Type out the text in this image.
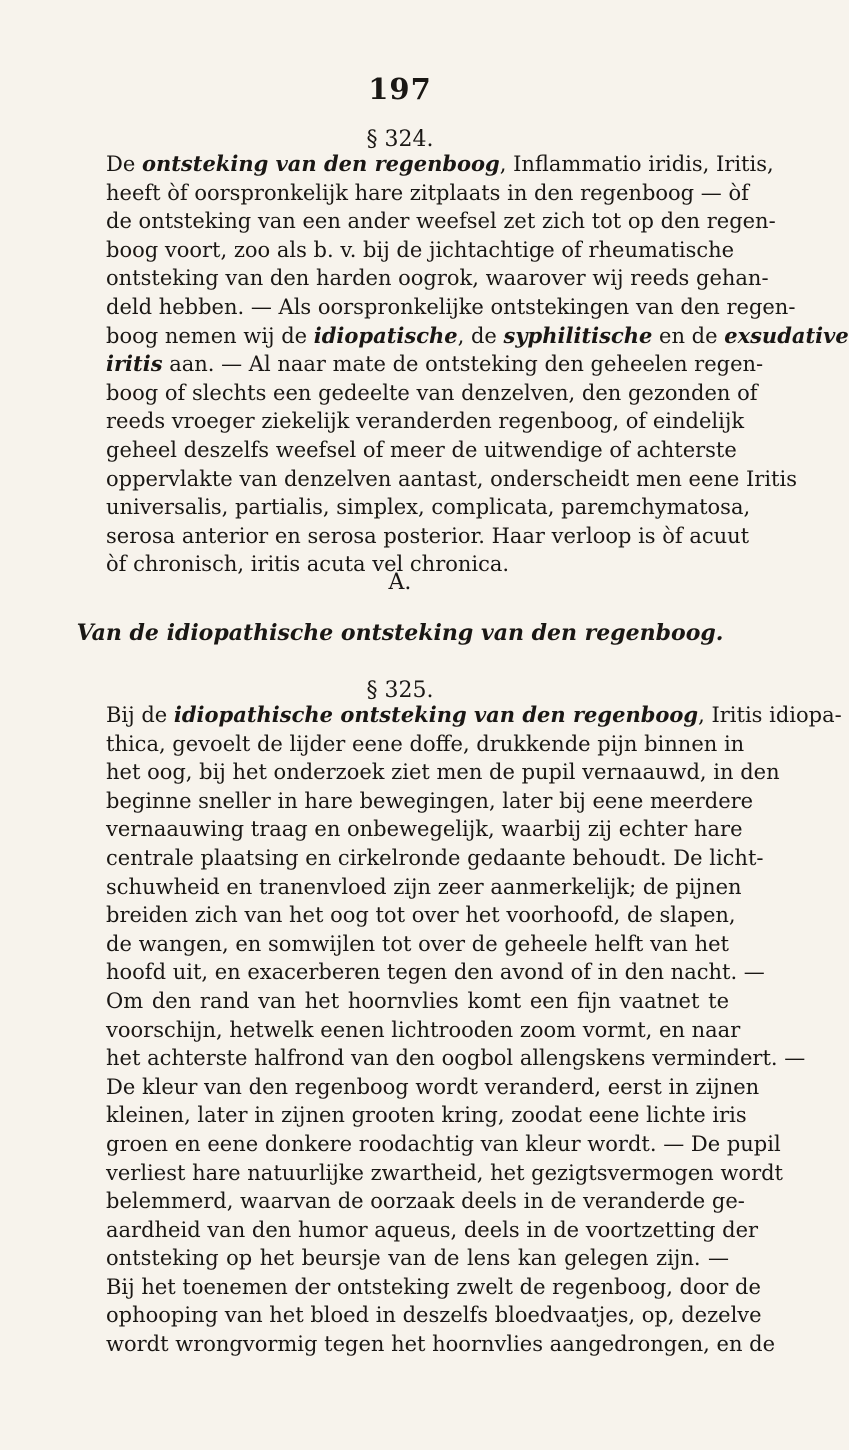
197
§ 324.
De ontsteking van den regenboog, Inflammatio iridis, Iritis,
heeft òf oorspronkelijk hare zitplaats in den regenboog — òf
de ontsteking van een ander weefsel zet zich tot op den regen-
boog voort, zoo als b. v. bij de jichtachtige of rheumatische
ontsteking van den harden oogrok, waarover wij reeds gehan-
deld hebben. — Als oorspronkelijke ontstekingen van den regen-
boog nemen wij de idiopatische, de syphilitische en de exsudative
iritis aan. — Al naar mate de ontsteking den geheelen regen-
boog of slechts een gedeelte van denzelven, den gezonden of
reeds vroeger ziekelijk veranderden regenboog, of eindelijk
geheel deszelfs weefsel of meer de uitwendige of achterste
oppervlakte van denzelven aantast, onderscheidt men eene Iritis
universalis, partialis, simplex, complicata, paremchymatosa,
serosa anterior en serosa posterior. Haar verloop is òf acuut
òf chronisch, iritis acuta vel chronica.
A.
Van de idiopathische ontsteking van den regenboog.
§ 325.
Bij de idiopathische ontsteking van den regenboog, Iritis idiopa-
thica, gevoelt de lijder eene doffe, drukkende pijn binnen in
het oog, bij het onderzoek ziet men de pupil vernaauwd, in den
beginne sneller in hare bewegingen, later bij eene meerdere
vernaauwing traag en onbewegelijk, waarbij zij echter hare
centrale plaatsing en cirkelronde gedaante behoudt. De licht-
schuwheid en tranenvloed zijn zeer aanmerkelijk; de pijnen
breiden zich van het oog tot over het voorhoofd, de slapen,
de wangen, en somwijlen tot over de geheele helft van het
hoofd uit, en exacerberen tegen den avond of in den nacht. —
Om den rand van het hoornvlies komt een fijn vaatnet te
voorschijn, hetwelk eenen lichtrooden zoom vormt, en naar
het achterste halfrond van den oogbol allengskens vermindert. —
De kleur van den regenboog wordt veranderd, eerst in zijnen
kleinen, later in zijnen grooten kring, zoodat eene lichte iris
groen en eene donkere roodachtig van kleur wordt. — De pupil
verliest hare natuurlijke zwartheid, het gezigtsvermogen wordt
belemmerd, waarvan de oorzaak deels in de veranderde ge-
aardheid van den humor aqueus, deels in de voortzetting der
ontsteking op het beursje van de lens kan gelegen zijn. —
Bij het toenemen der ontsteking zwelt de regenboog, door de
ophooping van het bloed in deszelfs bloedvaatjes, op, dezelve
wordt wrongvormig tegen het hoornvlies aangedrongen, en de
